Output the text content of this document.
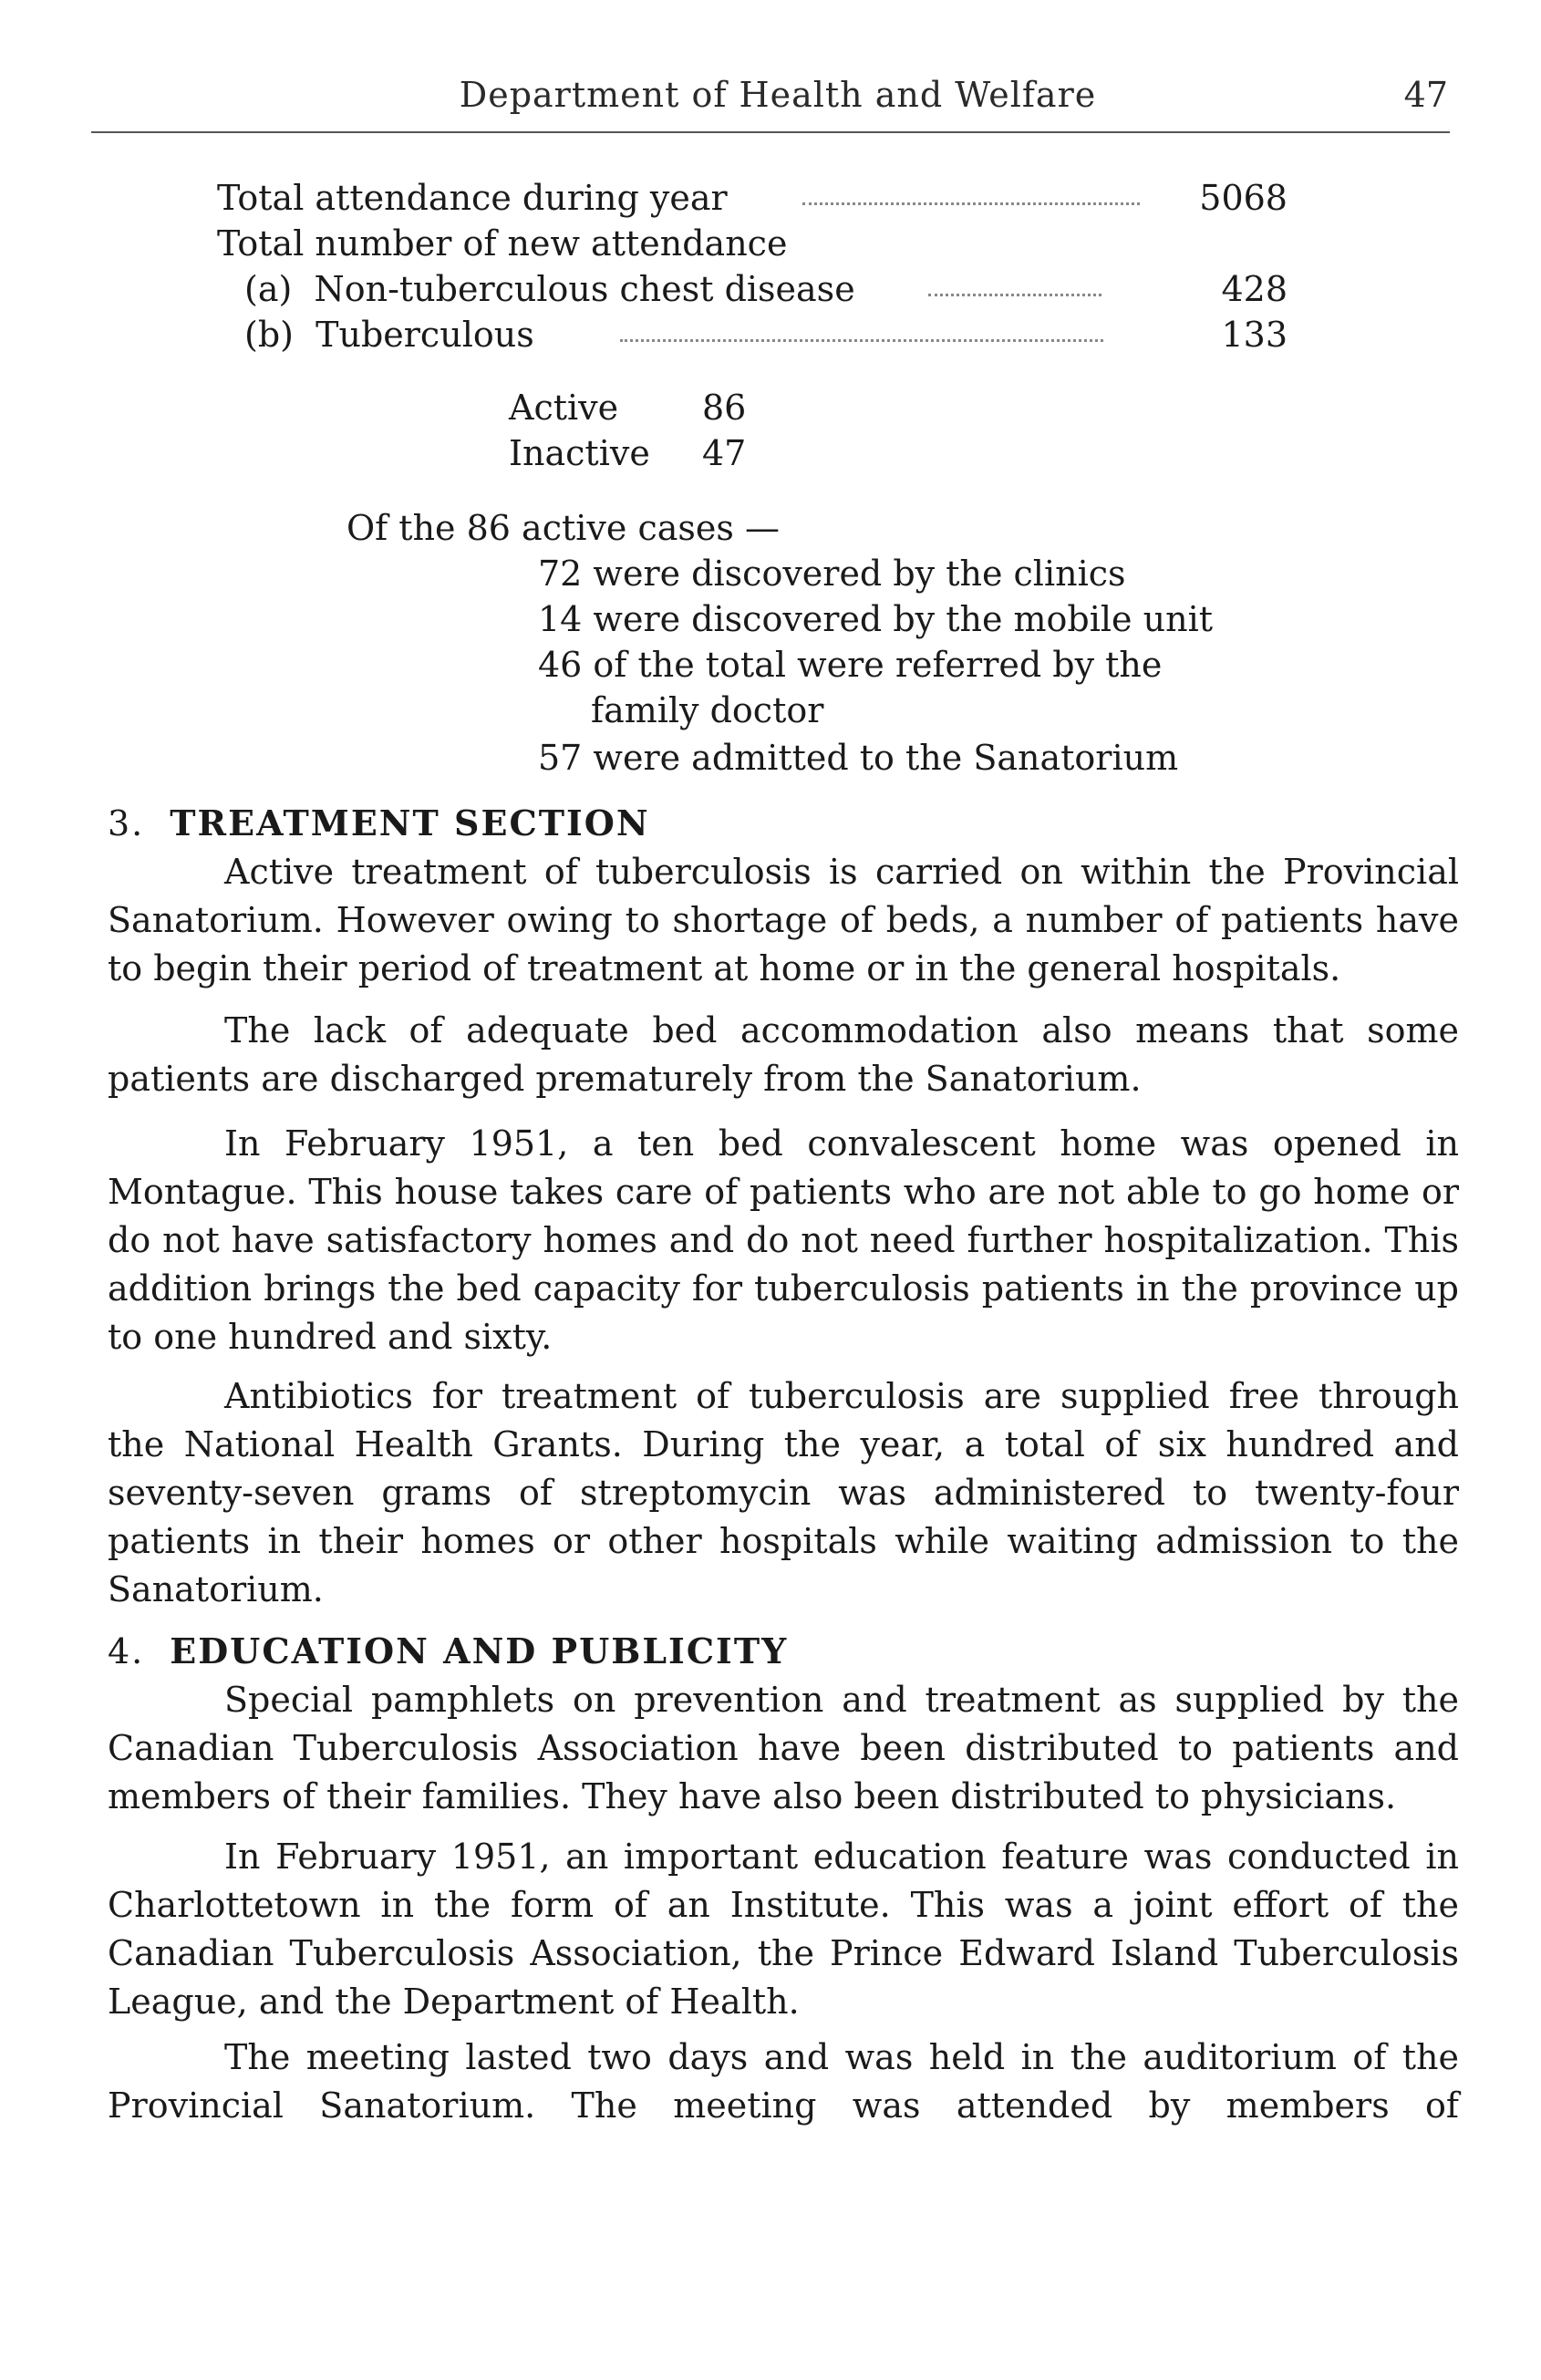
Department of Health and Welfare	47
Total attendance during year	5068
Total number of new attendance
(a)  Non-tuberculous chest disease	428
(b)  Tuberculous	133
Active 86
Inactive 47
Of the 86 active cases —
72 were discovered by the clinics
14 were discovered by the mobile unit
46 of the total were referred by the
family doctor
57 were admitted to the Sanatorium
3. TREATMENT SECTION

Active treatment of tuberculosis is carried on within the Provincial Sanatorium. However owing to shortage of beds, a number of patients have to begin their period of treatment at home or in the general hospitals.

The lack of adequate bed accommodation also means that some patients are discharged prematurely from the Sanatorium.

In February 1951, a ten bed convalescent home was opened in Montague. This house takes care of patients who are not able to go home or do not have satisfactory homes and do not need further hospitalization. This addition brings the bed capacity for tuberculosis patients in the province up to one hundred and sixty.

Antibiotics for treatment of tuberculosis are supplied free through the National Health Grants. During the year, a total of six hundred and seventy-seven grams of streptomycin was administered to twenty-four patients in their homes or other hospitals while waiting admission to the Sanatorium.

4. EDUCATION AND PUBLICITY

Special pamphlets on prevention and treatment as supplied by the Canadian Tuberculosis Association have been distributed to patients and members of their families. They have also been distributed to physicians.

In February 1951, an important education feature was conducted in Charlottetown in the form of an Institute. This was a joint effort of the Canadian Tuberculosis Association, the Prince Edward Island Tuberculosis League, and the Department of Health.

The meeting lasted two days and was held in the auditorium of the Provincial Sanatorium. The meeting was attended by members of
